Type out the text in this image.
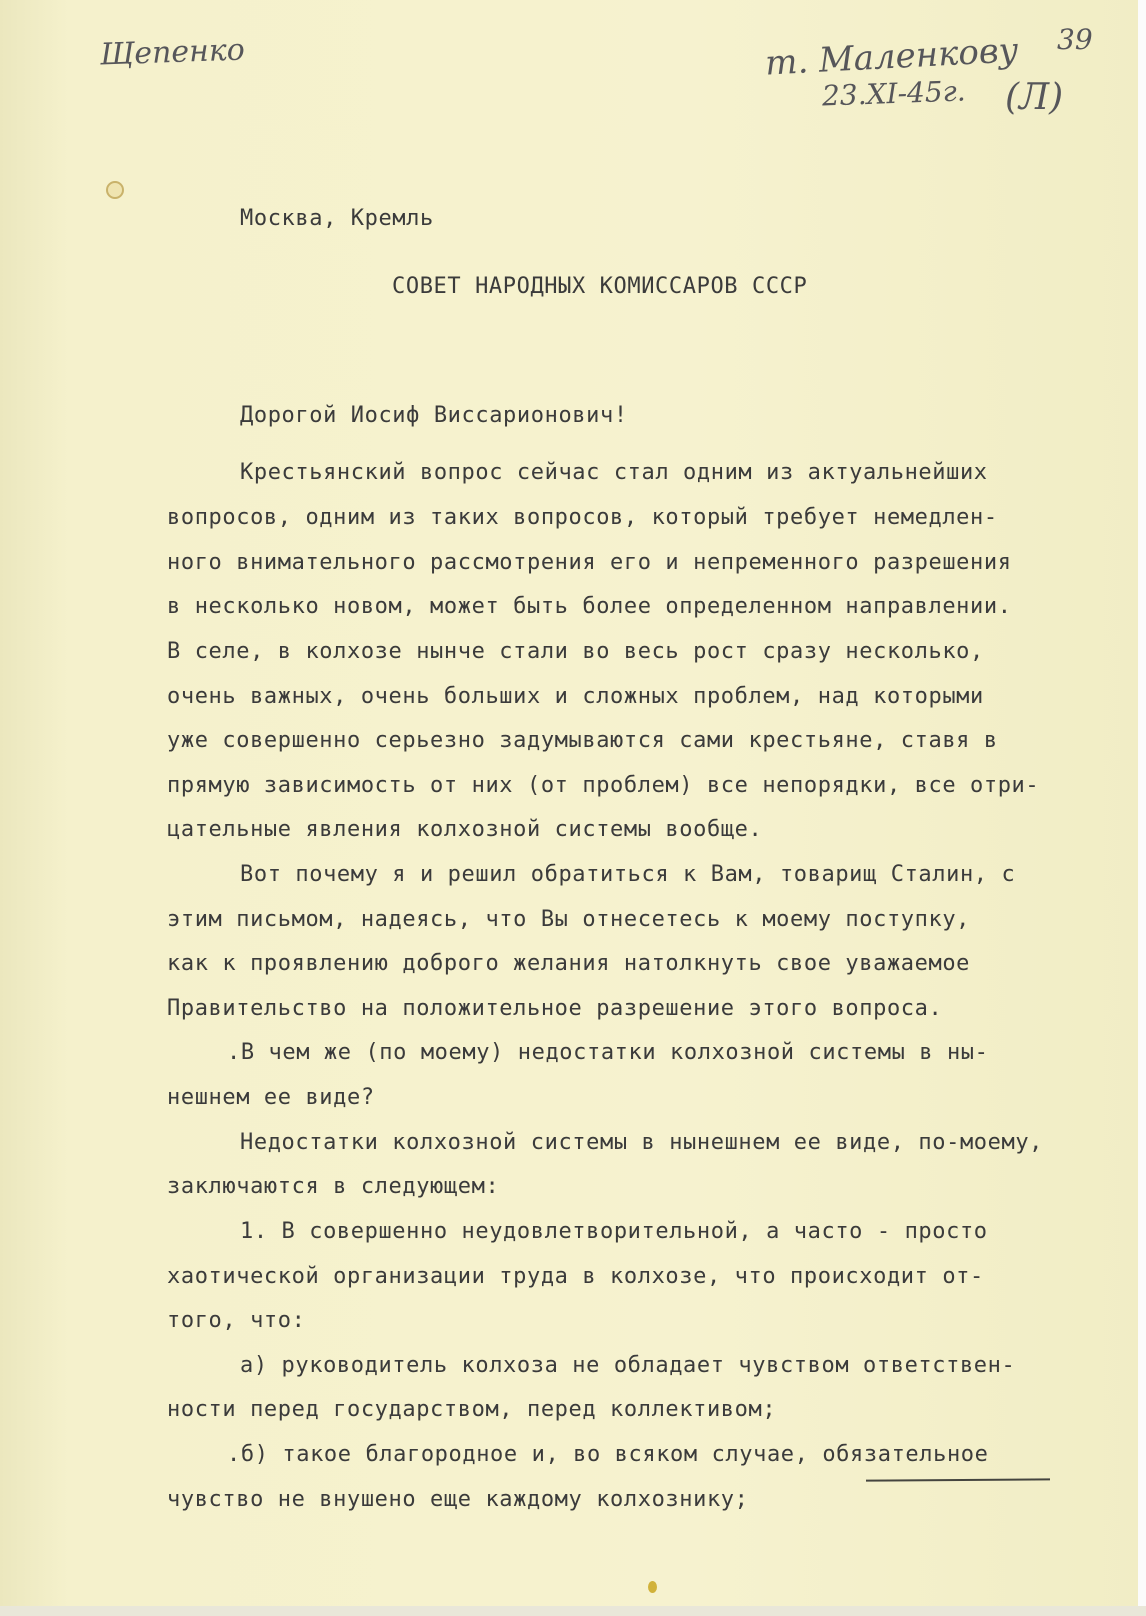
Щепенко	т. Маленкову
23.XI-45г.
39
(Л)
Москва, Кремль
СОВЕТ НАРОДНЫХ КОМИССАРОВ СССР
Дорогой Иосиф Виссарионович!
Крестьянский вопрос сейчас стал одним из актуальнейших
вопросов, одним из таких вопросов, который требует немедлен-
ного внимательного рассмотрения его и непременного разрешения
в несколько новом, может быть более определенном направлении.
В селе, в колхозе нынче стали во весь рост сразу несколько,
очень важных, очень больших и сложных проблем, над которыми
уже совершенно серьезно задумываются сами крестьяне, ставя в
прямую зависимость от них (от проблем) все непорядки, все отри-
цательные явления колхозной системы вообще.
Вот почему я и решил обратиться к Вам, товарищ Сталин, с
этим письмом, надеясь, что Вы отнесетесь к моему поступку,
как к проявлению доброго желания натолкнуть свое уважаемое
Правительство на положительное разрешение этого вопроса.
.В чем же (по моему) недостатки колхозной системы в ны-
нешнем ее виде?
Недостатки колхозной системы в нынешнем ее виде, по-моему,
заключаются в следующем:
1. В совершенно неудовлетворительной, а часто - просто
хаотической организации труда в колхозе, что происходит от-
того, что:
а) руководитель колхоза не обладает чувством ответствен-
ности перед государством, перед коллективом;
.б) такое благородное и, во всяком случае, обязательное
чувство не внушено еще каждому колхознику;
